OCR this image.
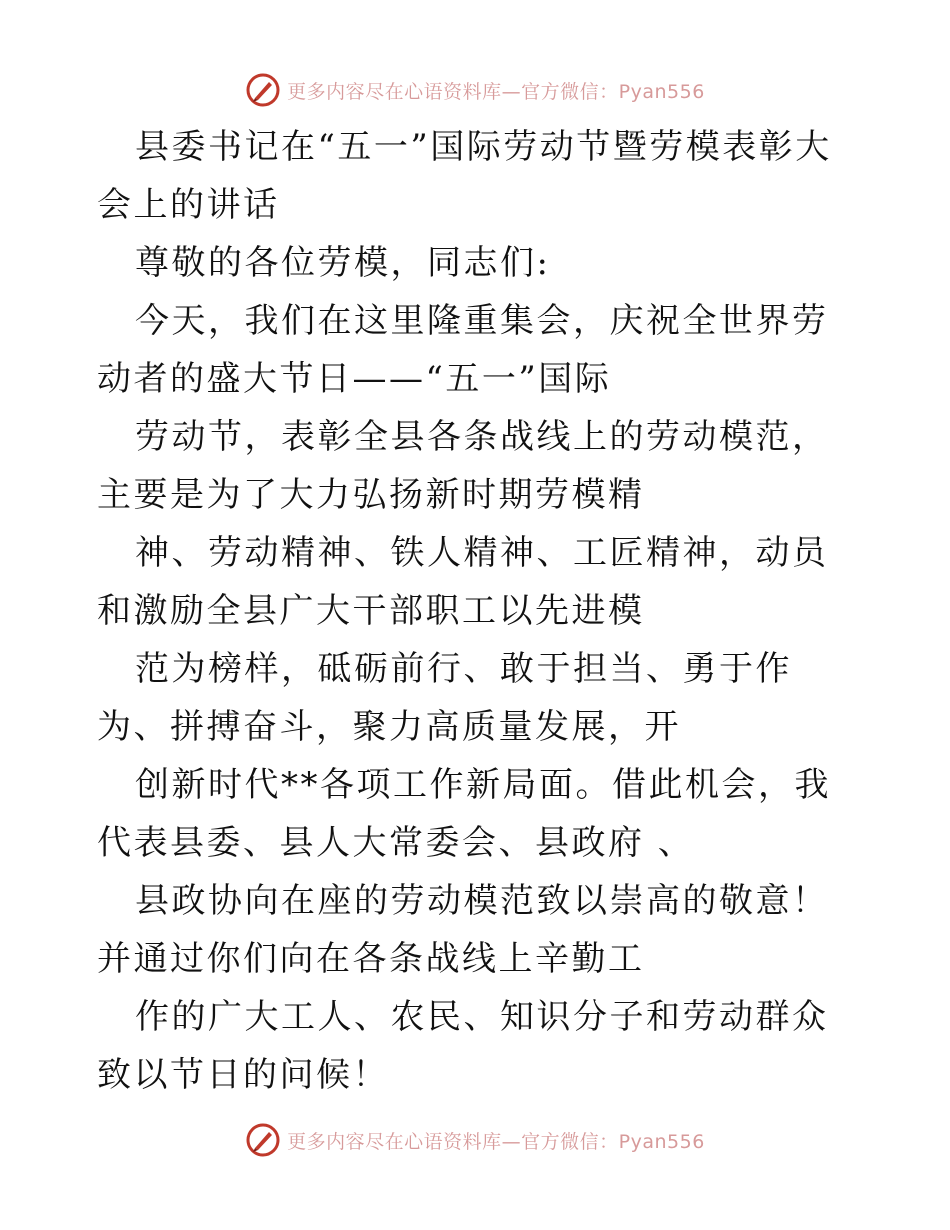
更多内容尽在心语资料库—官方微信：Pyan556

县委书记在“五一”国际劳动节暨劳模表彰大会上的讲话

尊敬的各位劳模，同志们:

今天，我们在这里隆重集会，庆祝全世界劳动者的盛大节日——“五一”国际

劳动节，表彰全县各条战线上的劳动模范，主要是为了大力弘扬新时期劳模精

神、劳动精神、铁人精神、工匠精神，动员和激励全县广大干部职工以先进模

范为榜样，砥砺前行、敢于担当、勇于作为、拼搏奋斗，聚力高质量发展，开

创新时代**各项工作新局面。借此机会，我代表县委、县人大常委会、县政府 、

县政协向在座的劳动模范致以崇高的敬意！并通过你们向在各条战线上辛勤工

作的广大工人、农民、知识分子和劳动群众致以节日的问候！

更多内容尽在心语资料库—官方微信：Pyan556
